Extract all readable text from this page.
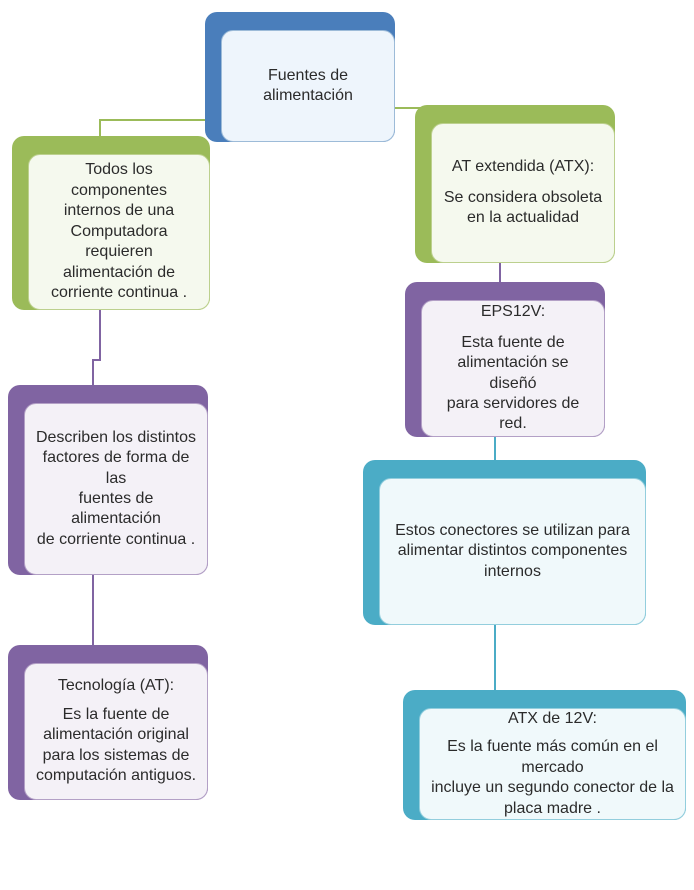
Fuentes de alimentación
Todos los componentes
internos de una
Computadora requieren
alimentación de
corriente continua .
AT extendida (ATX):
Se considera obsoleta
en la actualidad
Describen los distintos
factores de forma de las
fuentes de alimentación
de corriente continua .
EPS12V:
Esta fuente de
alimentación se diseñó
para servidores de red.
Estos conectores se utilizan para
alimentar distintos componentes
internos
Tecnología (AT):
Es la fuente de
alimentación original
para los sistemas de
computación antiguos.
ATX de 12V:
Es la fuente más común en el mercado
incluye un segundo conector de la
placa madre .
